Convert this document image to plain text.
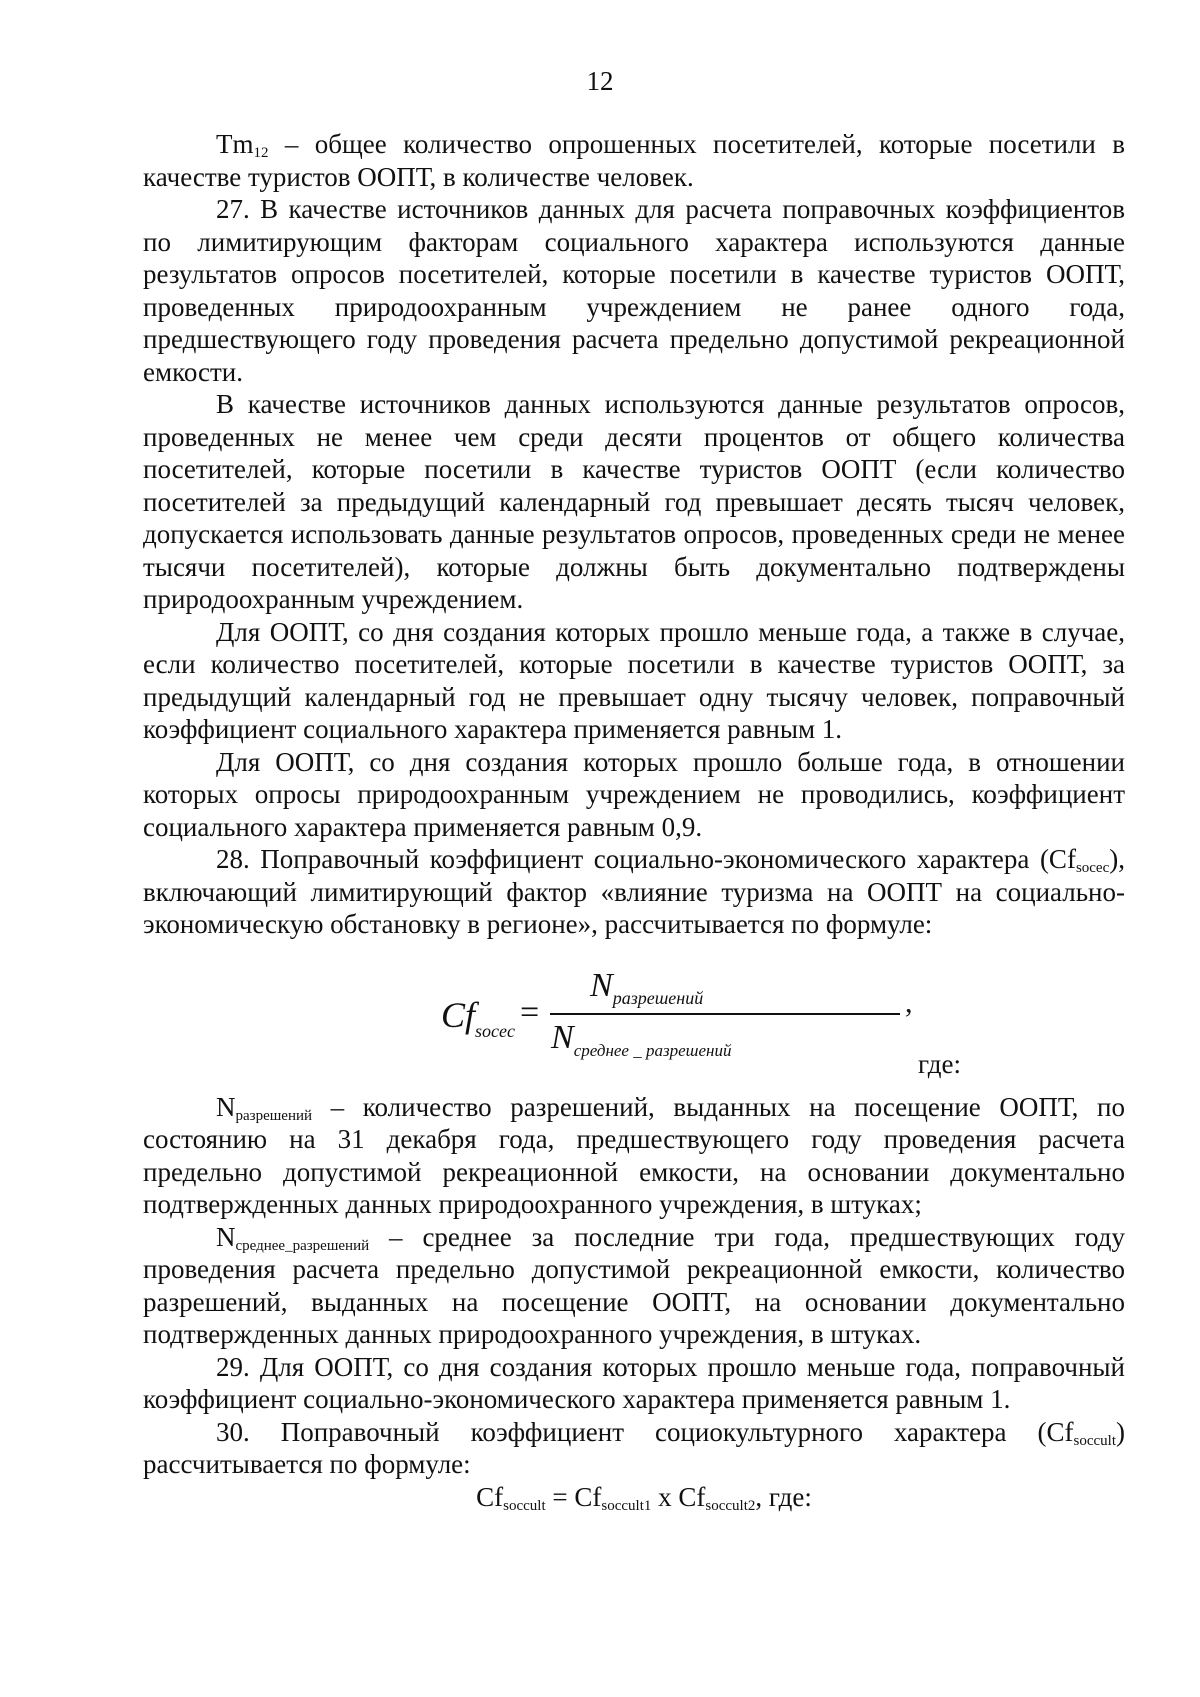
12

$Tm_{12}$ – общее количество опрошенных посетителей, которые посетили в качестве туристов ООПТ, в количестве человек.

27. В качестве источников данных для расчета поправочных коэффициентов по лимитирующим факторам социального характера используются данные результатов опросов посетителей, которые посетили в качестве туристов ООПТ, проведенных природоохранным учреждением не ранее одного года, предшествующего году проведения расчета предельно допустимой рекреационной емкости.

В качестве источников данных используются данные результатов опросов, проведенных не менее чем среди десяти процентов от общего количества посетителей, которые посетили в качестве туристов ООПТ (если количество посетителей за предыдущий календарный год превышает десять тысяч человек, допускается использовать данные результатов опросов, проведенных среди не менее тысячи посетителей), которые должны быть документально подтверждены природоохранным учреждением.

Для ООПТ, со дня создания которых прошло меньше года, а также в случае, если количество посетителей, которые посетили в качестве туристов ООПТ, за предыдущий календарный год не превышает одну тысячу человек, поправочный коэффициент социального характера применяется равным 1.

Для ООПТ, со дня создания которых прошло больше года, в отношении которых опросы природоохранным учреждением не проводились, коэффициент социального характера применяется равным 0,9.

28. Поправочный коэффициент социально-экономического характера $(Cf_{socec})$, включающий лимитирующий фактор «влияние туризма на ООПТ на социально-экономическую обстановку в регионе», рассчитывается по формуле:

$Cf_{socec}$ =
$N_{разрешений}$
$N_{среднее \_ разрешений}$
,
где:

$N_{разрешений}$ – количество разрешений, выданных на посещение ООПТ, по состоянию на 31 декабря года, предшествующего году проведения расчета предельно допустимой рекреационной емкости, на основании документально подтвержденных данных природоохранного учреждения, в штуках;

$N_{среднее\_разрешений}$ – среднее за последние три года, предшествующих году проведения расчета предельно допустимой рекреационной емкости, количество разрешений, выданных на посещение ООПТ, на основании документально подтвержденных данных природоохранного учреждения, в штуках.

29. Для ООПТ, со дня создания которых прошло меньше года, поправочный коэффициент социально-экономического характера применяется равным 1.

30. Поправочный коэффициент социокультурного характера $(Cf_{soccult})$ рассчитывается по формуле:

$Cf_{soccult} = Cf_{soccult1}$ x $Cf_{soccult2}$, где:
